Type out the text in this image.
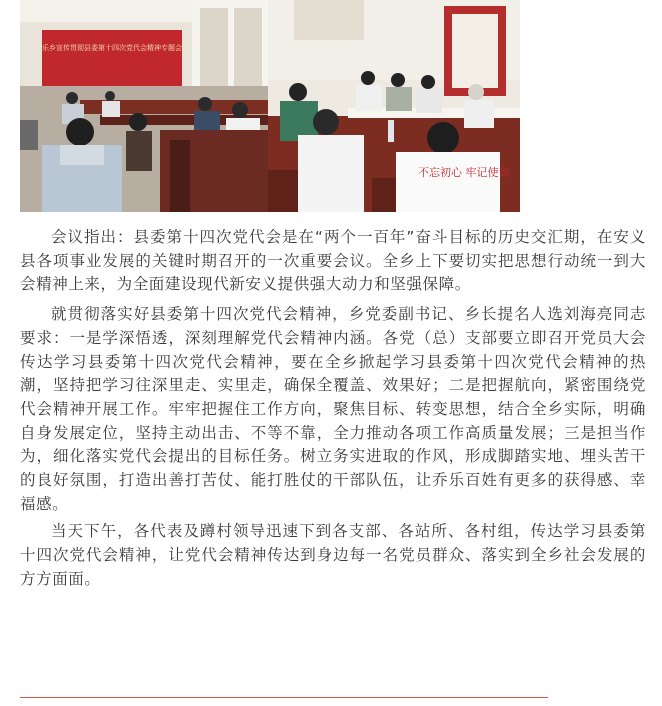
乔乐乡宣传贯彻县委第十四次党代会精神专题会议
不忘初心 牢记使命

会议指出：县委第十四次党代会是在“两个一百年”奋斗目标的历史交汇期，在安义县各项事业发展的关键时期召开的一次重要会议。全乡上下要切实把思想行动统一到大会精神上来，为全面建设现代新安义提供强大动力和坚强保障。

就贯彻落实好县委第十四次党代会精神，乡党委副书记、乡长提名人选刘海亮同志要求：一是学深悟透，深刻理解党代会精神内涵。各党（总）支部要立即召开党员大会传达学习县委第十四次党代会精神，要在全乡掀起学习县委第十四次党代会精神的热潮，坚持把学习往深里走、实里走，确保全覆盖、效果好；二是把握航向，紧密围绕党代会精神开展工作。牢牢把握住工作方向，聚焦目标、转变思想，结合全乡实际，明确自身发展定位，坚持主动出击、不等不靠，全力推动各项工作高质量发展；三是担当作为，细化落实党代会提出的目标任务。树立务实进取的作风，形成脚踏实地、埋头苦干的良好氛围，打造出善打苦仗、能打胜仗的干部队伍，让乔乐百姓有更多的获得感、幸福感。

当天下午，各代表及蹲村领导迅速下到各支部、各站所、各村组，传达学习县委第十四次党代会精神，让党代会精神传达到身边每一名党员群众、落实到全乡社会发展的方方面面。
